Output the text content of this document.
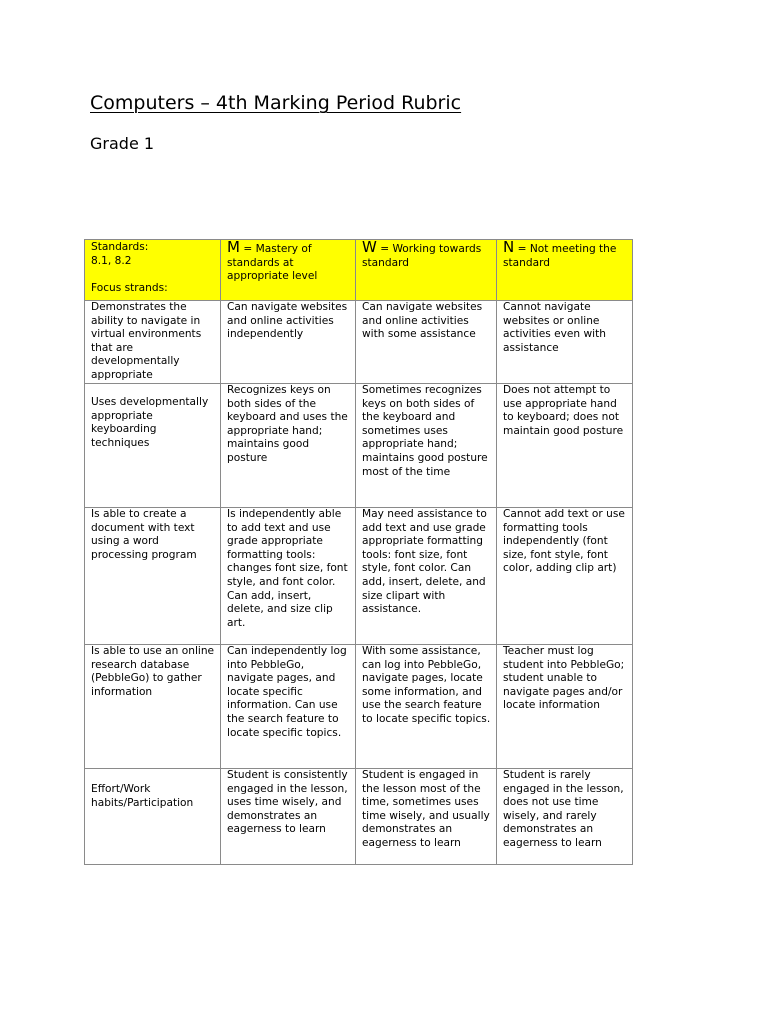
Computers – 4th Marking Period Rubric
Grade 1
Standards:
8.1, 8.2

Focus strands:	M = Mastery of standards at appropriate level	W = Working towards standard	N = Not meeting the standard
Demonstrates the ability to navigate in virtual environments that are developmentally appropriate	Can navigate websites and online activities independently	Can navigate websites and online activities with some assistance	Cannot navigate websites or online activities even with assistance

Uses developmentally appropriate keyboarding techniques	Recognizes keys on both sides of the keyboard and uses the appropriate hand; maintains good posture	Sometimes recognizes keys on both sides of the keyboard and sometimes uses appropriate hand; maintains good posture most of the time	Does not attempt to use appropriate hand to keyboard; does not maintain good posture
Is able to create a document with text using a word processing program	Is independently able to add text and use grade appropriate formatting tools: changes font size, font style, and font color. Can add, insert, delete, and size clip art.	May need assistance to add text and use grade appropriate formatting tools: font size, font style, font color. Can add, insert, delete, and size clipart with assistance.	Cannot add text or use formatting tools independently (font size, font style, font color, adding clip art)
Is able to use an online research database (PebbleGo) to gather information	Can independently log into PebbleGo, navigate pages, and locate specific information. Can use the search feature to locate specific topics.	With some assistance, can log into PebbleGo, navigate pages, locate some information, and use the search feature to locate specific topics.	Teacher must log student into PebbleGo; student unable to navigate pages and/or locate information

Effort/Work habits/Participation	Student is consistently engaged in the lesson, uses time wisely, and demonstrates an eagerness to learn	Student is engaged in the lesson most of the time, sometimes uses time wisely, and usually demonstrates an eagerness to learn	Student is rarely engaged in the lesson, does not use time wisely, and rarely demonstrates an eagerness to learn
